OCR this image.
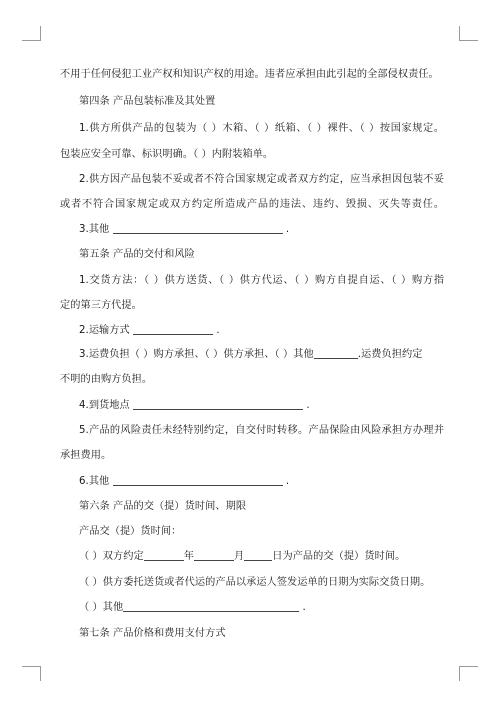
不用于任何侵犯工业产权和知识产权的用途。违者应承担由此引起的全部侵权责任。
第四条 产品包装标准及其处置
1.供方所供产品的包装为（ ）木箱、（ ）纸箱、（ ）裸件、（ ）按国家规定。
包装应安全可靠、标识明确。（ ）内附装箱单。
2.供方因产品包装不妥或者不符合国家规定或者双方约定，应当承担因包装不妥
或者不符合国家规定或双方约定所造成产品的违法、违约、毁损、灭失等责任。
3.其他	.
第五条 产品的交付和风险
1.交货方法：（ ）供方送货、（ ）供方代运、（ ）购方自提自运、（ ）购方指
定的第三方代提。
2.运输方式	.
3.运费负担（ ）购方承担、（ ）供方承担、（ ）其他	.运费负担约定
不明的由购方负担。
4.到货地点	.
5.产品的风险责任未经特别约定，自交付时转移。产品保险由风险承担方办理并
承担费用。
6.其他	.
第六条 产品的交（提）货时间、期限
产品交（提）货时间：
（ ）双方约定	年	月	日为产品的交（提）货时间。
（ ）供方委托送货或者代运的产品以承运人签发运单的日期为实际交货日期。
（ ）其他	.
第七条 产品价格和费用支付方式
